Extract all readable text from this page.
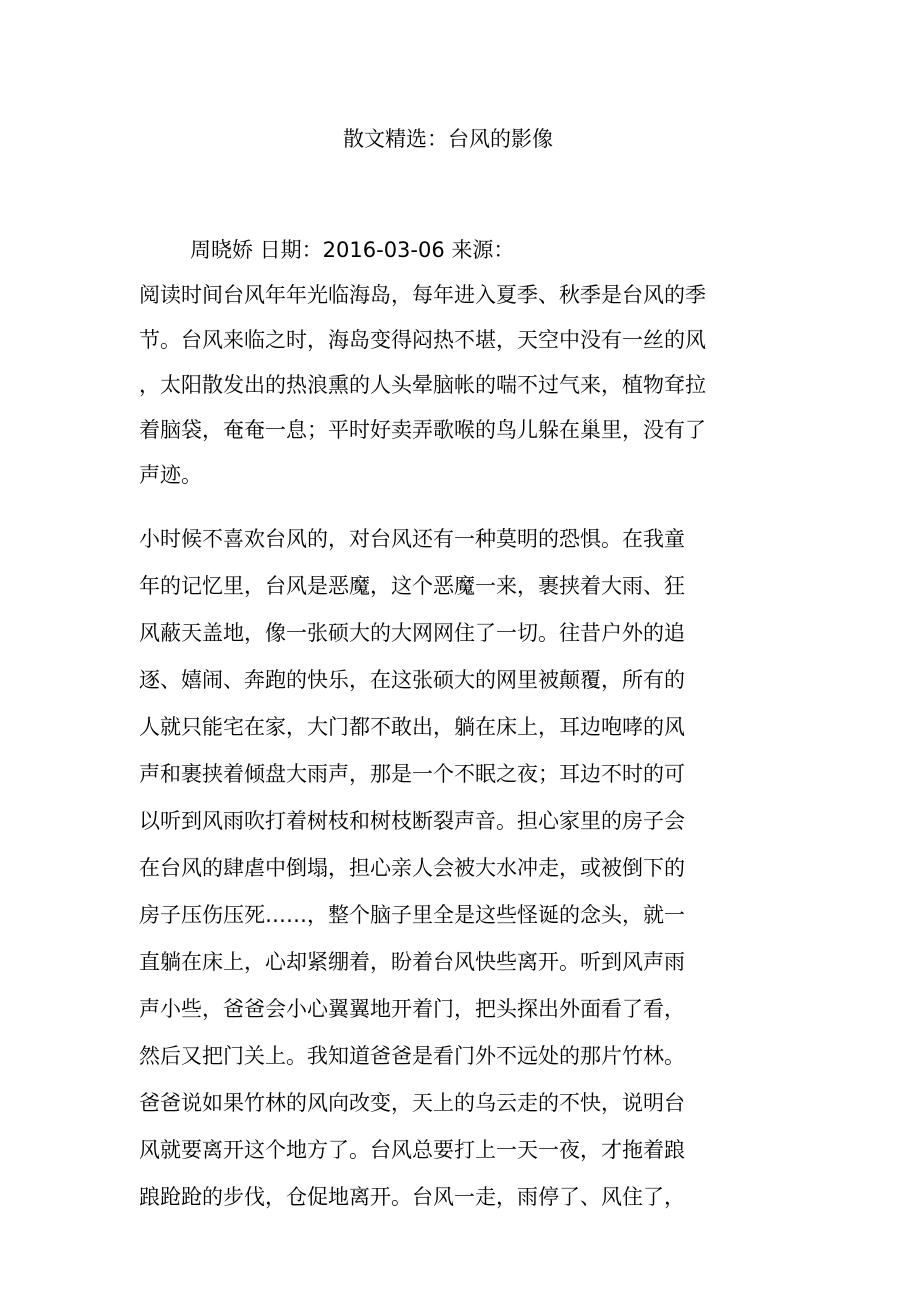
散文精选：台风的影像
周晓娇 日期：2016-03-06 来源：
阅读时间台风年年光临海岛，每年进入夏季、秋季是台风的季
节。台风来临之时，海岛变得闷热不堪，天空中没有一丝的风
，太阳散发出的热浪熏的人头晕脑帐的喘不过气来，植物耷拉
着脑袋，奄奄一息；平时好卖弄歌喉的鸟儿躲在巢里，没有了
声迹。
小时候不喜欢台风的，对台风还有一种莫明的恐惧。在我童
年的记忆里，台风是恶魔，这个恶魔一来，裹挟着大雨、狂
风蔽天盖地，像一张硕大的大网网住了一切。往昔户外的追
逐、嬉闹、奔跑的快乐，在这张硕大的网里被颠覆，所有的
人就只能宅在家，大门都不敢出，躺在床上，耳边咆哮的风
声和裹挟着倾盘大雨声，那是一个不眠之夜；耳边不时的可
以听到风雨吹打着树枝和树枝断裂声音。担心家里的房子会
在台风的肆虐中倒塌，担心亲人会被大水冲走，或被倒下的
房子压伤压死……，整个脑子里全是这些怪诞的念头，就一
直躺在床上，心却紧绷着，盼着台风快些离开。听到风声雨
声小些，爸爸会小心翼翼地开着门，把头探出外面看了看，
然后又把门关上。我知道爸爸是看门外不远处的那片竹林。
爸爸说如果竹林的风向改变，天上的乌云走的不快，说明台
风就要离开这个地方了。台风总要打上一天一夜，才拖着踉
踉跄跄的步伐，仓促地离开。台风一走，雨停了、风住了，
